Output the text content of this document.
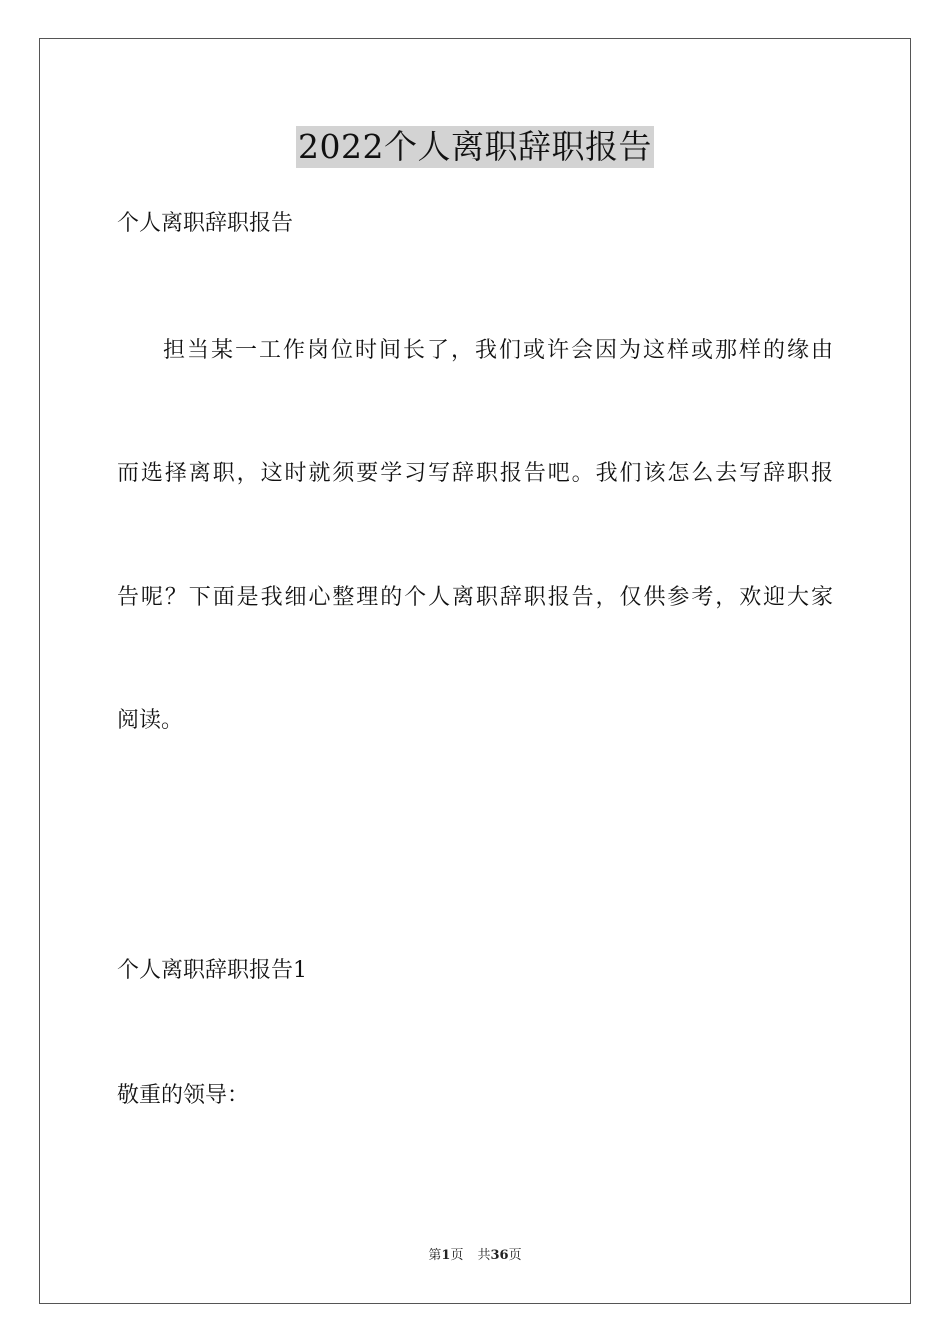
2022个人离职辞职报告
个人离职辞职报告
担当某一工作岗位时间长了，我们或许会因为这样或那样的缘由
而选择离职，这时就须要学习写辞职报告吧。我们该怎么去写辞职报
告呢？下面是我细心整理的个人离职辞职报告，仅供参考，欢迎大家
阅读。
个人离职辞职报告1
敬重的领导：
第1页 共36页
